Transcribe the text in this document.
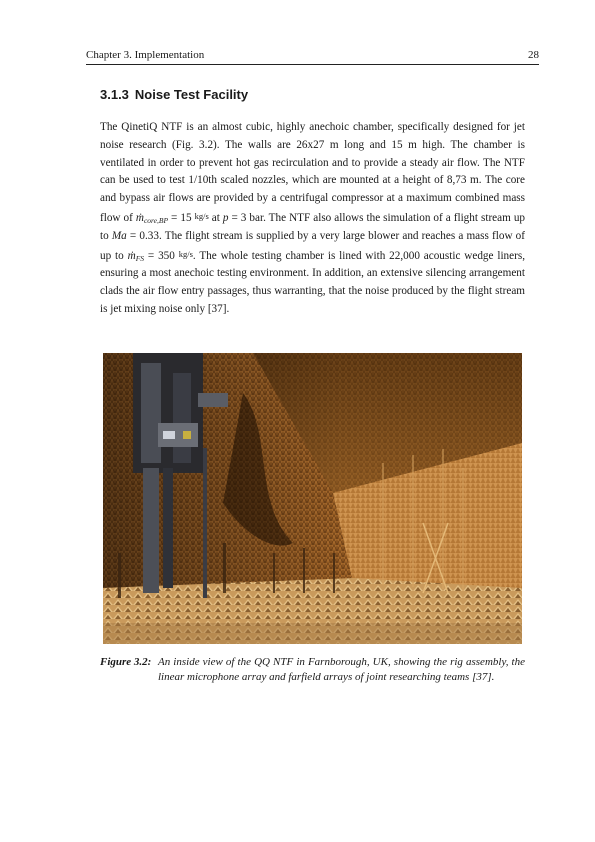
Chapter 3. Implementation	28
3.1.3 Noise Test Facility
The QinetiQ NTF is an almost cubic, highly anechoic chamber, specifically designed for jet noise research (Fig. 3.2). The walls are 26x27 m long and 15 m high. The chamber is ventilated in order to prevent hot gas recirculation and to provide a steady air flow. The NTF can be used to test 1/10th scaled nozzles, which are mounted at a height of 8,73 m. The core and bypass air flows are provided by a centrifugal compressor at a maximum combined mass flow of ṁ$_{core,BP}$ = 15 kg/s at p = 3 bar. The NTF also allows the simulation of a flight stream up to Ma = 0.33. The flight stream is supplied by a very large blower and reaches a mass flow of up to ṁ$_{FS}$ = 350 kg/s. The whole testing chamber is lined with 22,000 acoustic wedge liners, ensuring a most anechoic testing environment. In addition, an extensive silencing arrangement clads the air flow entry passages, thus warranting, that the noise produced by the flight stream is jet mixing noise only [37].
Figure 3.2: An inside view of the QQ NTF in Farnborough, UK, showing the rig assembly, the linear microphone array and farfield arrays of joint researching teams [37].
